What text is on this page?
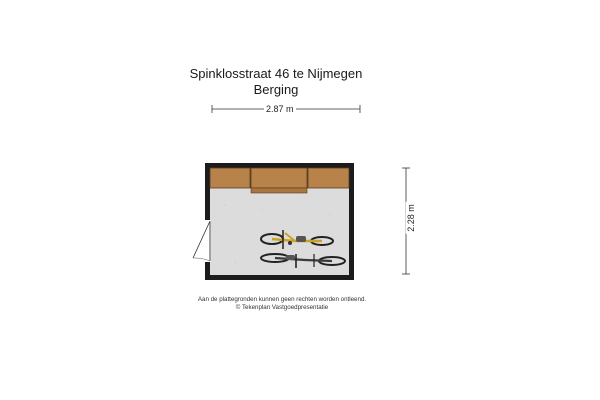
Spinklosstraat 46 te Nijmegen
Berging
2.87 m
2.28 m
Aan de plattegronden kunnen geen rechten worden ontleend.
© Tekenplan Vastgoedpresentatie
